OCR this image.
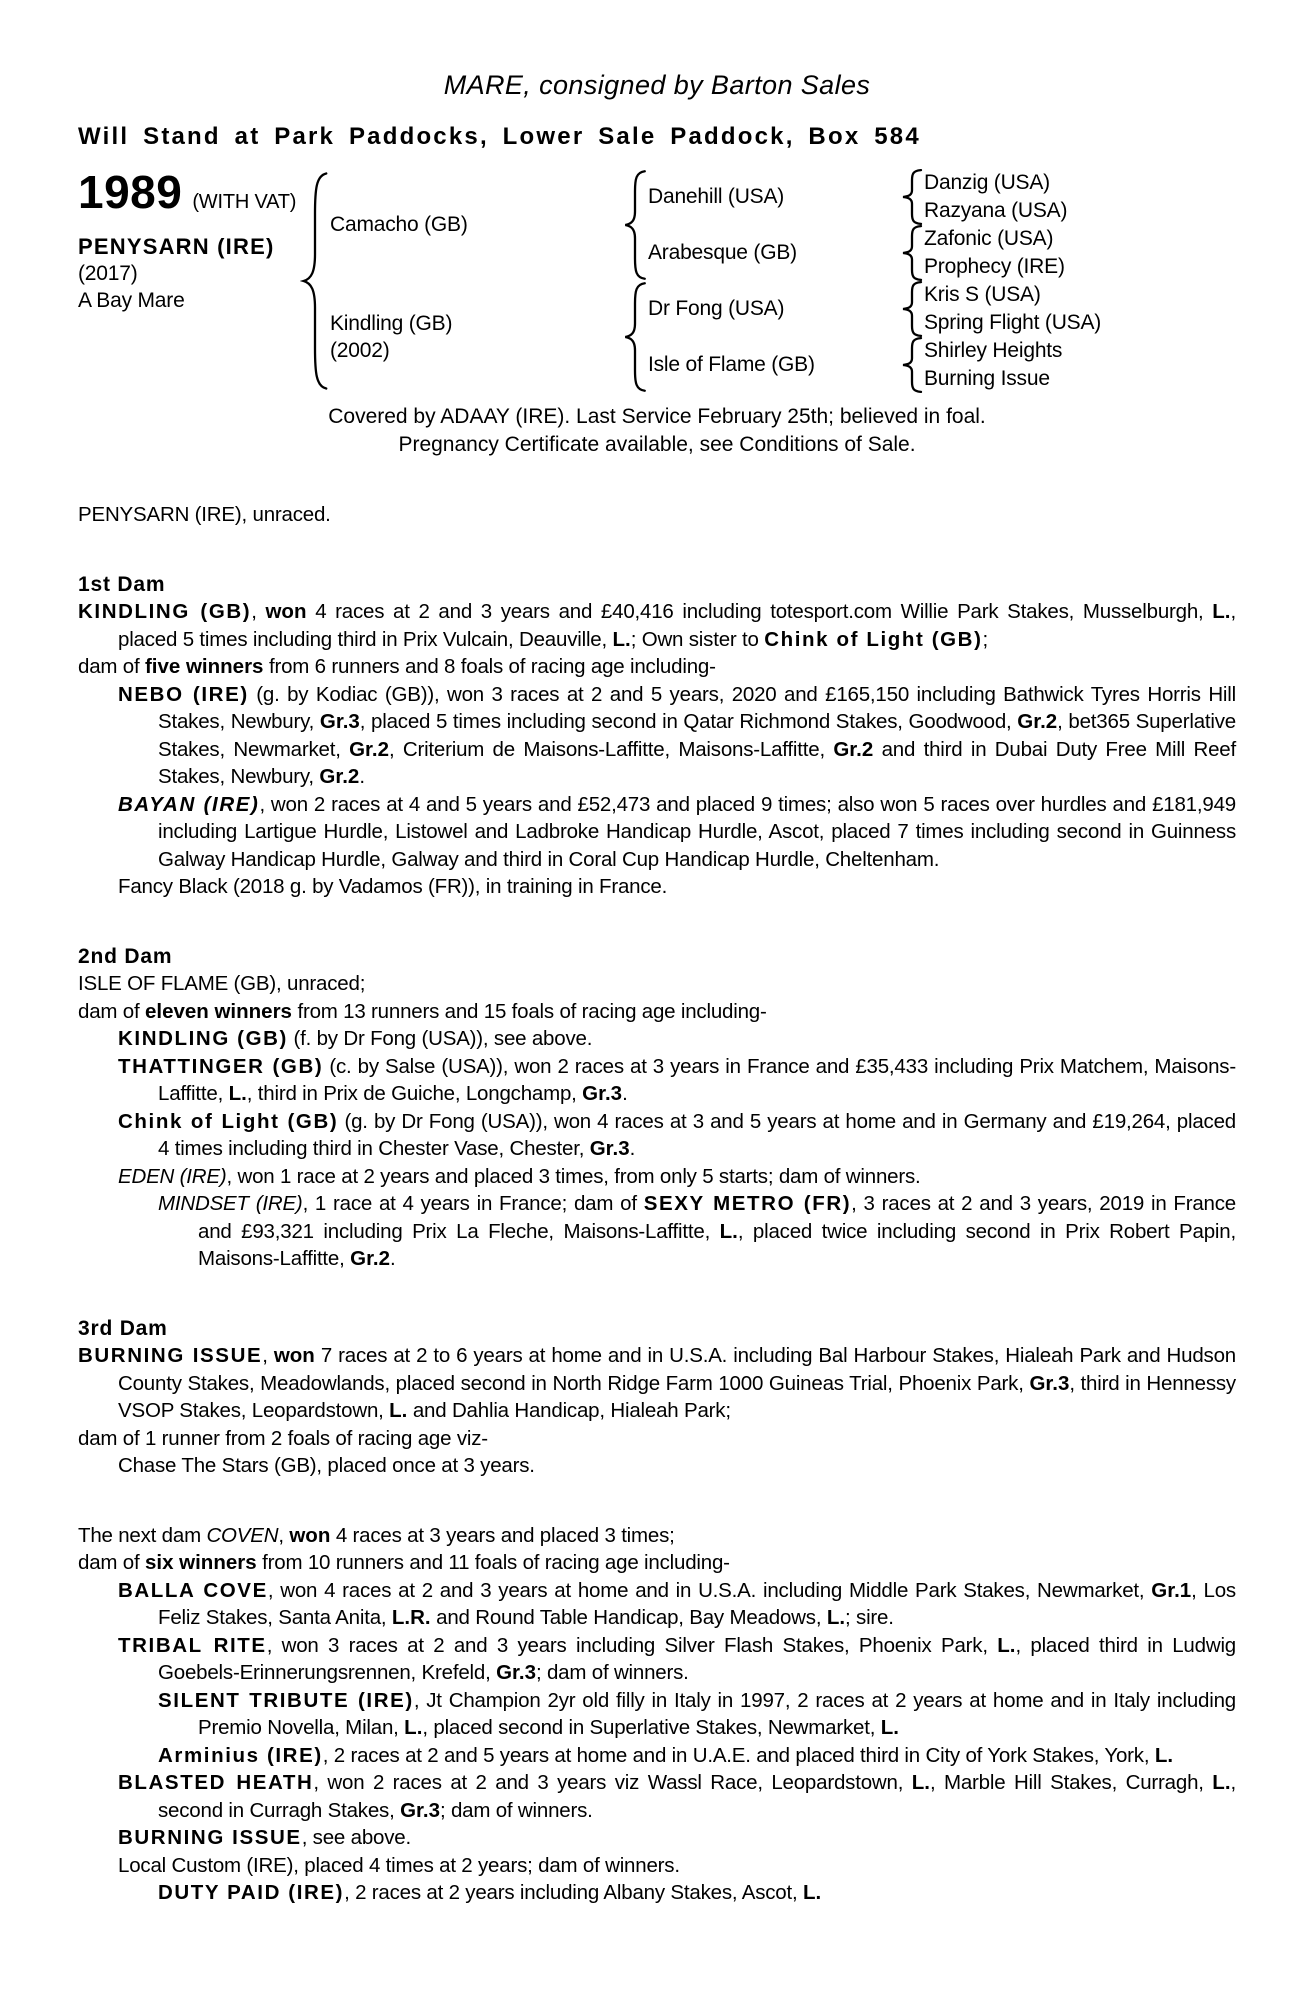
MARE, consigned by Barton Sales
Will Stand at Park Paddocks, Lower Sale Paddock, Box 584
1989 (WITH VAT)
PENYSARN (IRE)
(2017)
A Bay Mare
Camacho (GB)
Kindling (GB)
(2002)
Danehill (USA)
Arabesque (GB)
Dr Fong (USA)
Isle of Flame (GB)
Danzig (USA)
Razyana (USA)
Zafonic (USA)
Prophecy (IRE)
Kris S (USA)
Spring Flight (USA)
Shirley Heights
Burning Issue
Covered by ADAAY (IRE). Last Service February 25th; believed in foal.
Pregnancy Certificate available, see Conditions of Sale.
PENYSARN (IRE), unraced.
1st Dam
KINDLING (GB), won 4 races at 2 and 3 years and £40,416 including totesport.com Willie Park Stakes, Musselburgh, L., placed 5 times including third in Prix Vulcain, Deauville, L.; Own sister to Chink of Light (GB);
dam of five winners from 6 runners and 8 foals of racing age including-
NEBO (IRE) (g. by Kodiac (GB)), won 3 races at 2 and 5 years, 2020 and £165,150 including Bathwick Tyres Horris Hill Stakes, Newbury, Gr.3, placed 5 times including second in Qatar Richmond Stakes, Goodwood, Gr.2, bet365 Superlative Stakes, Newmarket, Gr.2, Criterium de Maisons-Laffitte, Maisons-Laffitte, Gr.2 and third in Dubai Duty Free Mill Reef Stakes, Newbury, Gr.2.
BAYAN (IRE), won 2 races at 4 and 5 years and £52,473 and placed 9 times; also won 5 races over hurdles and £181,949 including Lartigue Hurdle, Listowel and Ladbroke Handicap Hurdle, Ascot, placed 7 times including second in Guinness Galway Handicap Hurdle, Galway and third in Coral Cup Handicap Hurdle, Cheltenham.
Fancy Black (2018 g. by Vadamos (FR)), in training in France.
2nd Dam
ISLE OF FLAME (GB), unraced;
dam of eleven winners from 13 runners and 15 foals of racing age including-
KINDLING (GB) (f. by Dr Fong (USA)), see above.
THATTINGER (GB) (c. by Salse (USA)), won 2 races at 3 years in France and £35,433 including Prix Matchem, Maisons-Laffitte, L., third in Prix de Guiche, Longchamp, Gr.3.
Chink of Light (GB) (g. by Dr Fong (USA)), won 4 races at 3 and 5 years at home and in Germany and £19,264, placed 4 times including third in Chester Vase, Chester, Gr.3.
EDEN (IRE), won 1 race at 2 years and placed 3 times, from only 5 starts; dam of winners.
MINDSET (IRE), 1 race at 4 years in France; dam of SEXY METRO (FR), 3 races at 2 and 3 years, 2019 in France and £93,321 including Prix La Fleche, Maisons-Laffitte, L., placed twice including second in Prix Robert Papin, Maisons-Laffitte, Gr.2.
3rd Dam
BURNING ISSUE, won 7 races at 2 to 6 years at home and in U.S.A. including Bal Harbour Stakes, Hialeah Park and Hudson County Stakes, Meadowlands, placed second in North Ridge Farm 1000 Guineas Trial, Phoenix Park, Gr.3, third in Hennessy VSOP Stakes, Leopardstown, L. and Dahlia Handicap, Hialeah Park;
dam of 1 runner from 2 foals of racing age viz-
Chase The Stars (GB), placed once at 3 years.
The next dam COVEN, won 4 races at 3 years and placed 3 times;
dam of six winners from 10 runners and 11 foals of racing age including-
BALLA COVE, won 4 races at 2 and 3 years at home and in U.S.A. including Middle Park Stakes, Newmarket, Gr.1, Los Feliz Stakes, Santa Anita, L.R. and Round Table Handicap, Bay Meadows, L.; sire.
TRIBAL RITE, won 3 races at 2 and 3 years including Silver Flash Stakes, Phoenix Park, L., placed third in Ludwig Goebels-Erinnerungsrennen, Krefeld, Gr.3; dam of winners.
SILENT TRIBUTE (IRE), Jt Champion 2yr old filly in Italy in 1997, 2 races at 2 years at home and in Italy including Premio Novella, Milan, L., placed second in Superlative Stakes, Newmarket, L.
Arminius (IRE), 2 races at 2 and 5 years at home and in U.A.E. and placed third in City of York Stakes, York, L.
BLASTED HEATH, won 2 races at 2 and 3 years viz Wassl Race, Leopardstown, L., Marble Hill Stakes, Curragh, L., second in Curragh Stakes, Gr.3; dam of winners.
BURNING ISSUE, see above.
Local Custom (IRE), placed 4 times at 2 years; dam of winners.
DUTY PAID (IRE), 2 races at 2 years including Albany Stakes, Ascot, L.
